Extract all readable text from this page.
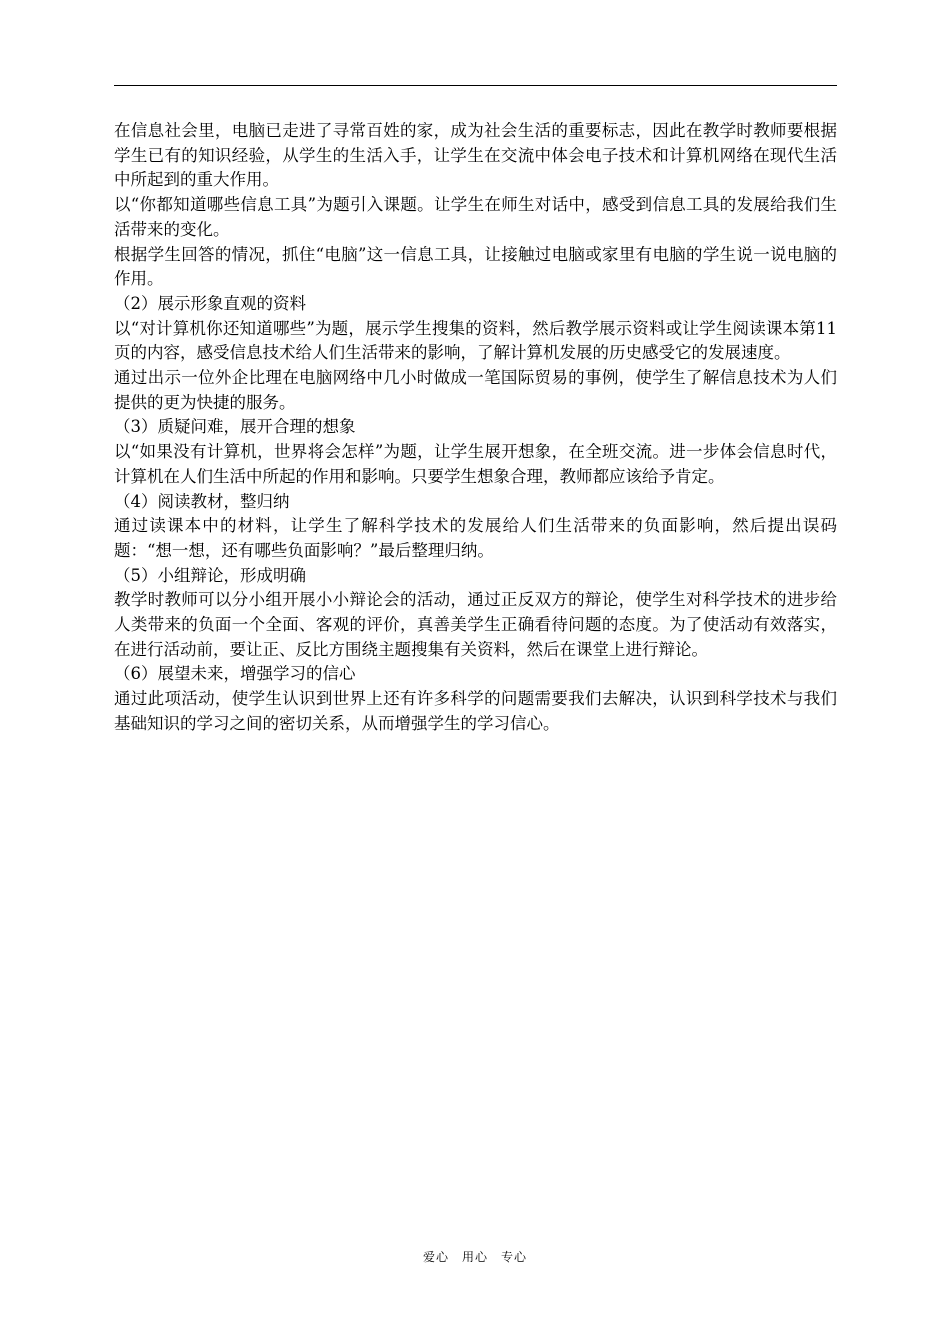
在信息社会里，电脑已走进了寻常百姓的家，成为社会生活的重要标志，因此在教学时教师要根据学生已有的知识经验，从学生的生活入手，让学生在交流中体会电子技术和计算机网络在现代生活中所起到的重大作用。

以“你都知道哪些信息工具”为题引入课题。让学生在师生对话中，感受到信息工具的发展给我们生活带来的变化。

根据学生回答的情况，抓住“电脑”这一信息工具，让接触过电脑或家里有电脑的学生说一说电脑的作用。

（2）展示形象直观的资料

以“对计算机你还知道哪些”为题，展示学生搜集的资料，然后教学展示资料或让学生阅读课本第11页的内容，感受信息技术给人们生活带来的影响，了解计算机发展的历史感受它的发展速度。

通过出示一位外企比理在电脑网络中几小时做成一笔国际贸易的事例，使学生了解信息技术为人们提供的更为快捷的服务。

（3）质疑问难，展开合理的想象

以“如果没有计算机，世界将会怎样”为题，让学生展开想象，在全班交流。进一步体会信息时代，计算机在人们生活中所起的作用和影响。只要学生想象合理，教师都应该给予肯定。

（4）阅读教材，整归纳

通过读课本中的材料，让学生了解科学技术的发展给人们生活带来的负面影响，然后提出误码题：“想一想，还有哪些负面影响？”最后整理归纳。

（5）小组辩论，形成明确

教学时教师可以分小组开展小小辩论会的活动，通过正反双方的辩论，使学生对科学技术的进步给人类带来的负面一个全面、客观的评价，真善美学生正确看待问题的态度。为了使活动有效落实，在进行活动前，要让正、反比方围绕主题搜集有关资料，然后在课堂上进行辩论。

（6）展望未来，增强学习的信心

通过此项活动，使学生认识到世界上还有许多科学的问题需要我们去解决，认识到科学技术与我们基础知识的学习之间的密切关系，从而增强学生的学习信心。

爱心　用心　专心
